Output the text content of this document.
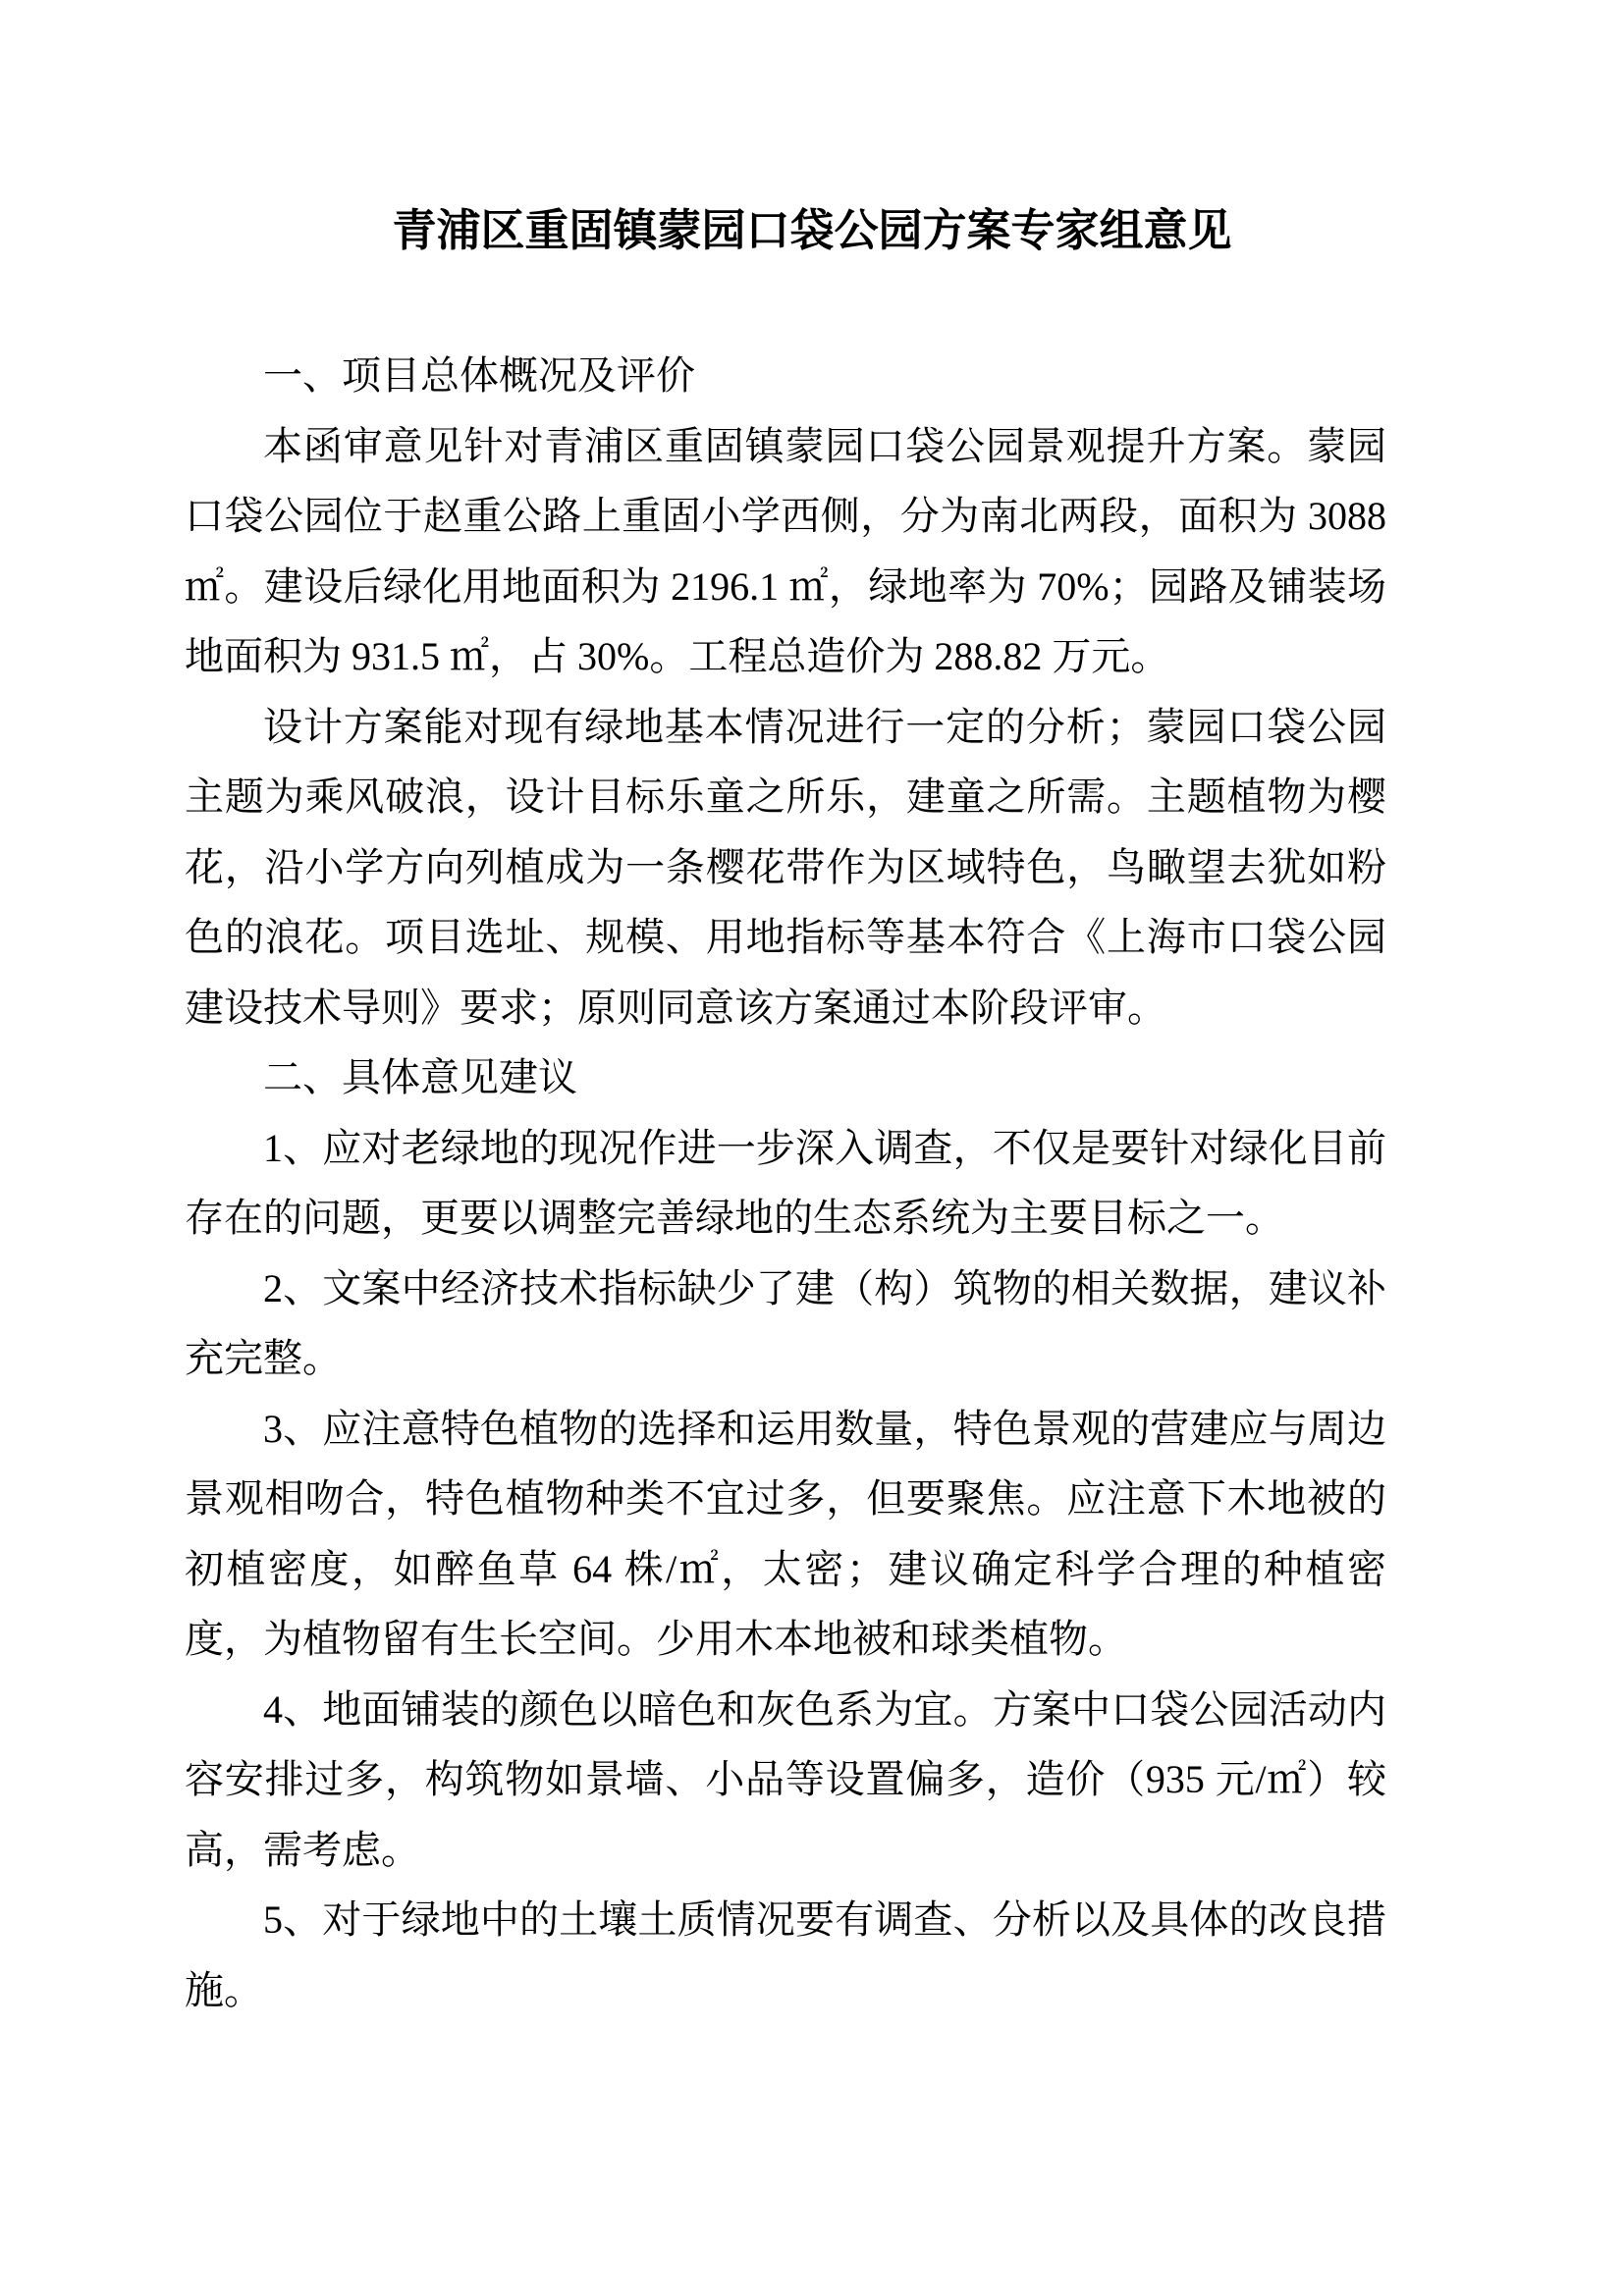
青浦区重固镇蒙园口袋公园方案专家组意见

一、项目总体概况及评价

本函审意见针对青浦区重固镇蒙园口袋公园景观提升方案。蒙园口袋公园位于赵重公路上重固小学西侧，分为南北两段，面积为 3088 ㎡。建设后绿化用地面积为 2196.1 ㎡，绿地率为 70%；园路及铺装场地面积为 931.5 ㎡，占 30%。工程总造价为 288.82 万元。

设计方案能对现有绿地基本情况进行一定的分析；蒙园口袋公园主题为乘风破浪，设计目标乐童之所乐，建童之所需。主题植物为樱花，沿小学方向列植成为一条樱花带作为区域特色，鸟瞰望去犹如粉色的浪花。项目选址、规模、用地指标等基本符合《上海市口袋公园建设技术导则》要求；原则同意该方案通过本阶段评审。

二、具体意见建议

1、应对老绿地的现况作进一步深入调查，不仅是要针对绿化目前存在的问题，更要以调整完善绿地的生态系统为主要目标之一。

2、文案中经济技术指标缺少了建（构）筑物的相关数据，建议补充完整。

3、应注意特色植物的选择和运用数量，特色景观的营建应与周边景观相吻合，特色植物种类不宜过多，但要聚焦。应注意下木地被的初植密度，如醉鱼草 64 株/㎡，太密；建议确定科学合理的种植密度，为植物留有生长空间。少用木本地被和球类植物。

4、地面铺装的颜色以暗色和灰色系为宜。方案中口袋公园活动内容安排过多，构筑物如景墙、小品等设置偏多，造价（935 元/㎡）较高，需考虑。

5、对于绿地中的土壤土质情况要有调查、分析以及具体的改良措施。
